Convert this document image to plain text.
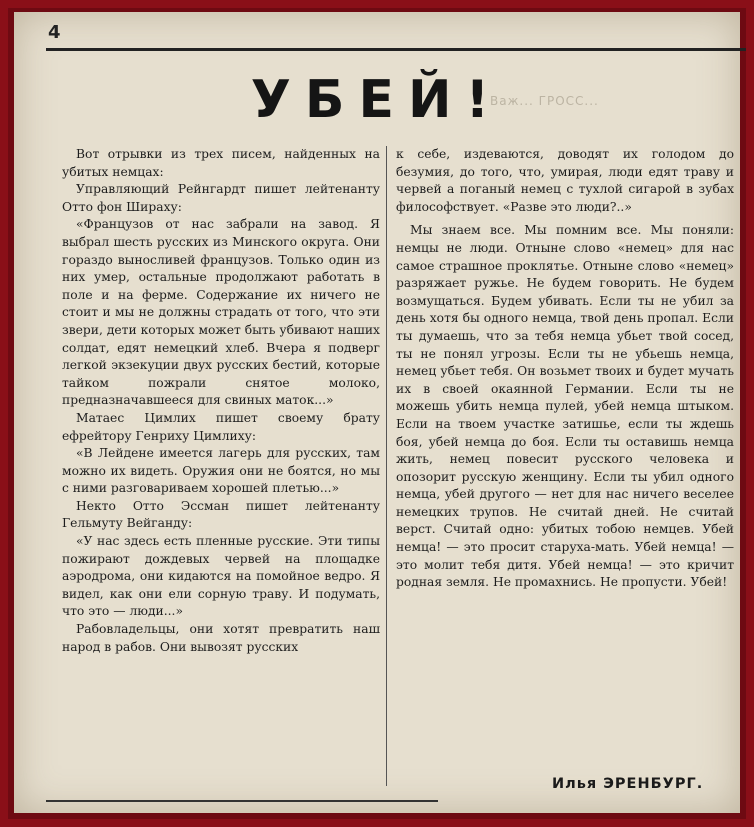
4
Важ... ГРОСС...
УБЕЙ!

Вот отрывки из трех писем, найденных на убитых немцах:

Управляющий Рейнгардт пишет лейтенанту Отто фон Шираху:

«Французов от нас забрали на завод. Я выбрал шесть русских из Минского округа. Они гораздо выносливей французов. Только один из них умер, остальные продолжают работать в поле и на ферме. Содержание их ничего не стоит и мы не должны страдать от того, что эти звери, дети которых может быть убивают наших солдат, едят немецкий хлеб. Вчера я подверг легкой экзекуции двух русских бестий, которые тайком пожрали снятое молоко, предназначавшееся для свиных маток...»

Матаес Цимлих пишет своему брату ефрейтору Генриху Цимлиху:

«В Лейдене имеется лагерь для русских, там можно их видеть. Оружия они не боятся, но мы с ними разговариваем хорошей плетью...»

Некто Отто Эссман пишет лейтенанту Гельмуту Вейганду:

«У нас здесь есть пленные русские. Эти типы пожирают дождевых червей на площадке аэродрома, они кидаются на помойное ведро. Я видел, как они ели сорную траву. И подумать, что это — люди...»

Рабовладельцы, они хотят превратить наш народ в рабов. Они вывозят русских

к себе, издеваются, доводят их голодом до безумия, до того, что, умирая, люди едят траву и червей а поганый немец с тухлой сигарой в зубах философствует. «Разве это люди?..»

Мы знаем все. Мы помним все. Мы поняли: немцы не люди. Отныне слово «немец» для нас самое страшное проклятье. Отныне слово «немец» разряжает ружье. Не будем говорить. Не будем возмущаться. Будем убивать. Если ты не убил за день хотя бы одного немца, твой день пропал. Если ты думаешь, что за тебя немца убьет твой сосед, ты не понял угрозы. Если ты не убьешь немца, немец убьет тебя. Он возьмет твоих и будет мучать их в своей окаянной Германии. Если ты не можешь убить немца пулей, убей немца штыком. Если на твоем участке затишье, если ты ждешь боя, убей немца до боя. Если ты оставишь немца жить, немец повесит русского человека и опозорит русскую женщину. Если ты убил одного немца, убей другого — нет для нас ничего веселее немецких трупов. Не считай дней. Не считай верст. Считай одно: убитых тобою немцев. Убей немца! — это просит старуха-мать. Убей немца! — это молит тебя дитя. Убей немца! — это кричит родная земля. Не промахнись. Не пропусти. Убей!

Илья ЭРЕНБУРГ.
